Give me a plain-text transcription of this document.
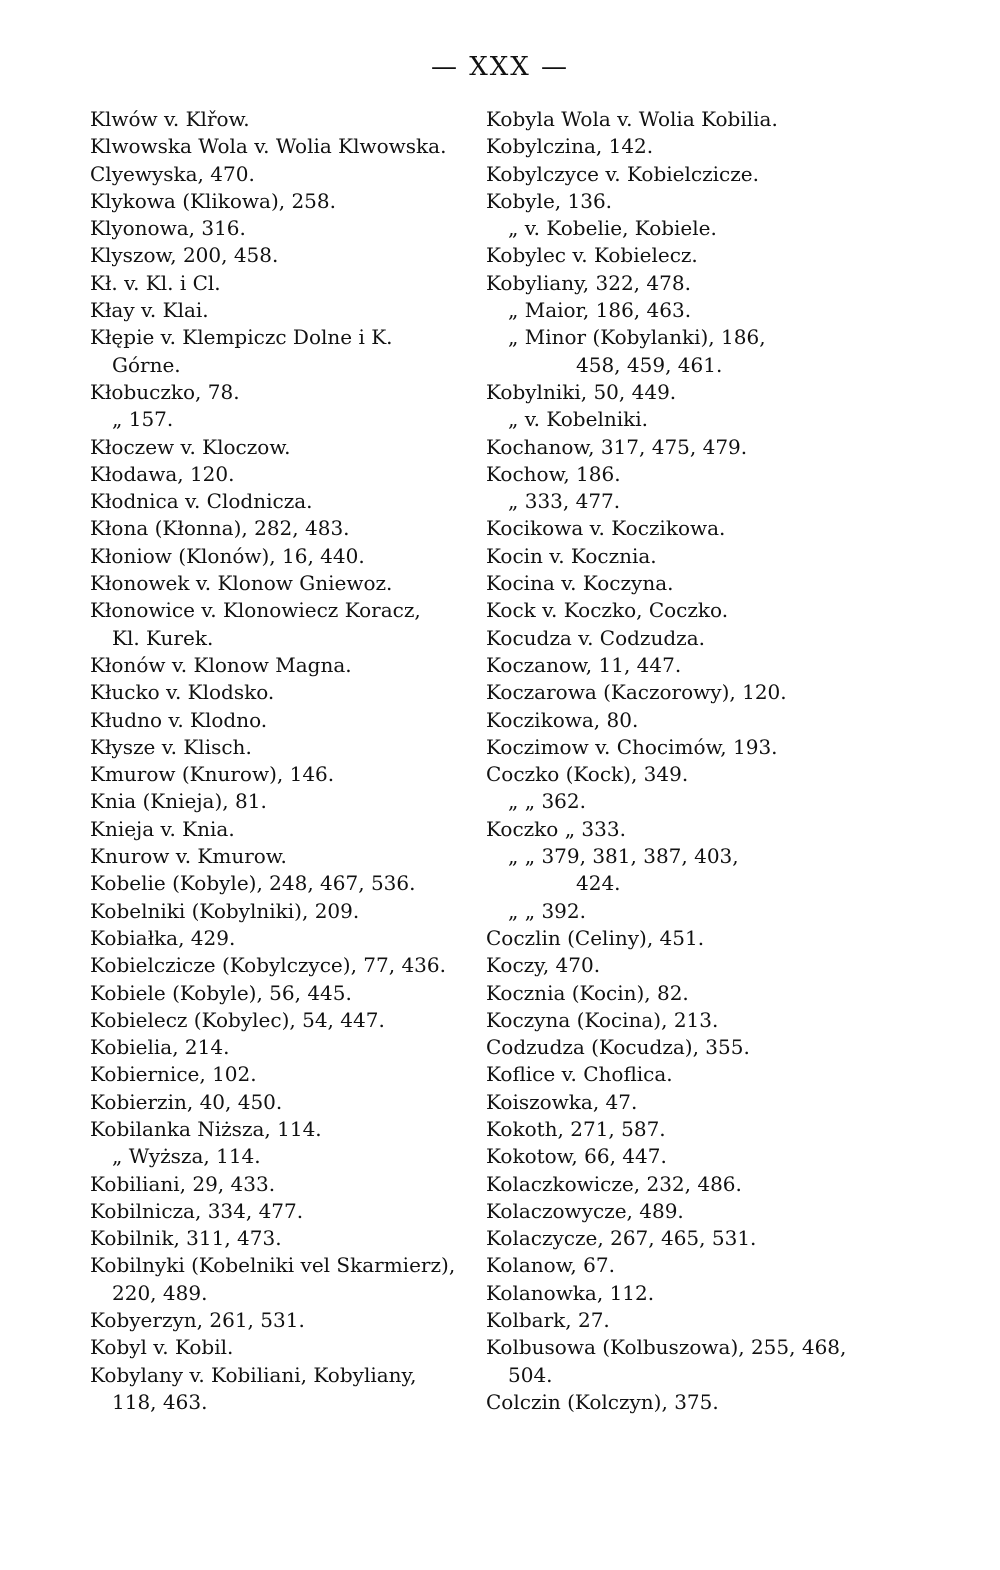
— XXX —
Klwów v. Klřow.
Klwowska Wola v. Wolia Klwowska.
Clyewyska, 470.
Klykowa (Klikowa), 258.
Klyonowa, 316.
Klyszow, 200, 458.
Kł. v. Kl. i Cl.
Kłay v. Klai.
Kłępie v. Klempiczc Dolne i K.
Górne.
Kłobuczko, 78.
„ 157.
Kłoczew v. Kloczow.
Kłodawa, 120.
Kłodnica v. Clodnicza.
Kłona (Kłonna), 282, 483.
Kłoniow (Klonów), 16, 440.
Kłonowek v. Klonow Gniewoz.
Kłonowice v. Klonowiecz Koracz,
Kl. Kurek.
Kłonów v. Klonow Magna.
Kłucko v. Klodsko.
Kłudno v. Klodno.
Kłysze v. Klisch.
Kmurow (Knurow), 146.
Knia (Knieja), 81.
Knieja v. Knia.
Knurow v. Kmurow.
Kobelie (Kobyle), 248, 467, 536.
Kobelniki (Kobylniki), 209.
Kobiałka, 429.
Kobielczicze (Kobylczyce), 77, 436.
Kobiele (Kobyle), 56, 445.
Kobielecz (Kobylec), 54, 447.
Kobielia, 214.
Kobiernice, 102.
Kobierzin, 40, 450.
Kobilanka Niższa, 114.
„ Wyższa, 114.
Kobiliani, 29, 433.
Kobilnicza, 334, 477.
Kobilnik, 311, 473.
Kobilnyki (Kobelniki vel Skarmierz),
220, 489.
Kobyerzyn, 261, 531.
Kobyl v. Kobil.
Kobylany v. Kobiliani, Kobyliany,
118, 463.
Kobyla Wola v. Wolia Kobilia.
Kobylczina, 142.
Kobylczyce v. Kobielczicze.
Kobyle, 136.
„ v. Kobelie, Kobiele.
Kobylec v. Kobielecz.
Kobyliany, 322, 478.
„ Maior, 186, 463.
„ Minor (Kobylanki), 186,
458, 459, 461.
Kobylniki, 50, 449.
„ v. Kobelniki.
Kochanow, 317, 475, 479.
Kochow, 186.
„ 333, 477.
Kocikowa v. Koczikowa.
Kocin v. Kocznia.
Kocina v. Koczyna.
Kock v. Koczko, Coczko.
Kocudza v. Codzudza.
Koczanow, 11, 447.
Koczarowa (Kaczorowy), 120.
Koczikowa, 80.
Koczimow v. Chocimów, 193.
Coczko (Kock), 349.
„ „ 362.
Koczko „ 333.
„ „ 379, 381, 387, 403,
424.
„ „ 392.
Coczlin (Celiny), 451.
Koczy, 470.
Kocznia (Kocin), 82.
Koczyna (Kocina), 213.
Codzudza (Kocudza), 355.
Koflice v. Choflica.
Koiszowka, 47.
Kokoth, 271, 587.
Kokotow, 66, 447.
Kolaczkowicze, 232, 486.
Kolaczowycze, 489.
Kolaczycze, 267, 465, 531.
Kolanow, 67.
Kolanowka, 112.
Kolbark, 27.
Kolbusowa (Kolbuszowa), 255, 468,
504.
Colczin (Kolczyn), 375.
